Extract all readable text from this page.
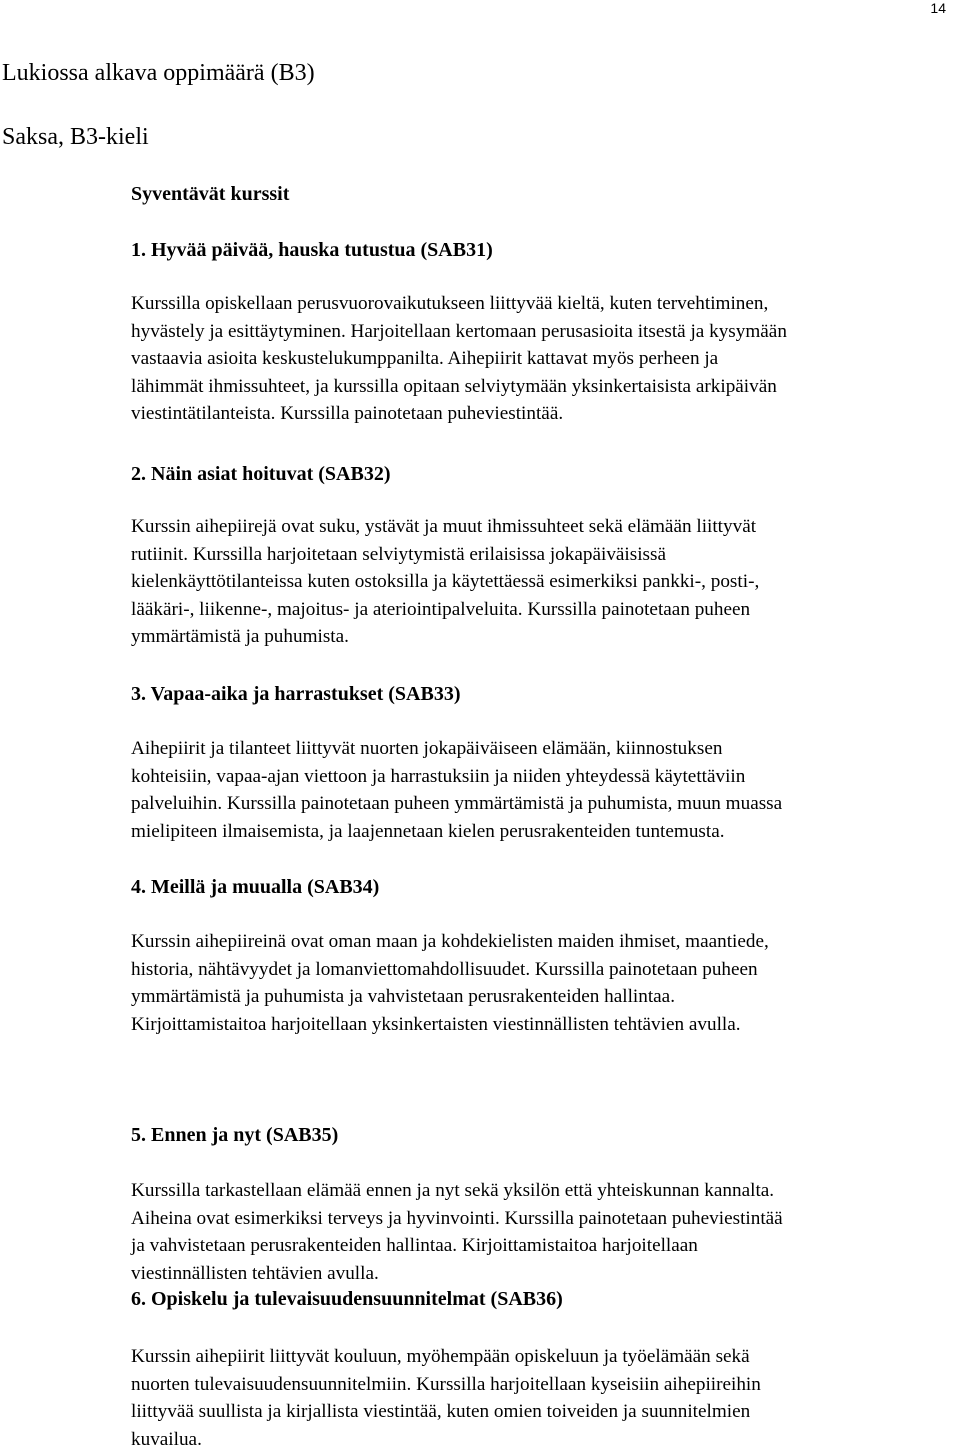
14
Lukiossa alkava oppimäärä (B3)
Saksa, B3-kieli
Syventävät kurssit
1. Hyvää päivää, hauska tutustua (SAB31)
Kurssilla opiskellaan perusvuorovaikutukseen liittyvää kieltä, kuten tervehtiminen,
hyvästely ja esittäytyminen. Harjoitellaan kertomaan perusasioita itsestä ja kysymään
vastaavia asioita keskustelukumppanilta. Aihepiirit kattavat myös perheen ja
lähimmät ihmissuhteet, ja kurssilla opitaan selviytymään yksinkertaisista arkipäivän
viestintätilanteista. Kurssilla painotetaan puheviestintää.
2. Näin asiat hoituvat (SAB32)
Kurssin aihepiirejä ovat suku, ystävät ja muut ihmissuhteet sekä elämään liittyvät
rutiinit. Kurssilla harjoitetaan selviytymistä erilaisissa jokapäiväisissä
kielenkäyttötilanteissa kuten ostoksilla ja käytettäessä esimerkiksi pankki-, posti-,
lääkäri-, liikenne-, majoitus- ja ateriointipalveluita. Kurssilla painotetaan puheen
ymmärtämistä ja puhumista.
3. Vapaa-aika ja harrastukset (SAB33)
Aihepiirit ja tilanteet liittyvät nuorten jokapäiväiseen elämään, kiinnostuksen
kohteisiin, vapaa-ajan viettoon ja harrastuksiin ja niiden yhteydessä käytettäviin
palveluihin. Kurssilla painotetaan puheen ymmärtämistä ja puhumista, muun muassa
mielipiteen ilmaisemista, ja laajennetaan kielen perusrakenteiden tuntemusta.
4. Meillä ja muualla (SAB34)
Kurssin aihepiireinä ovat oman maan ja kohdekielisten maiden ihmiset, maantiede,
historia, nähtävyydet ja lomanviettomahdollisuudet. Kurssilla painotetaan puheen
ymmärtämistä ja puhumista ja vahvistetaan perusrakenteiden hallintaa.
Kirjoittamistaitoa harjoitellaan yksinkertaisten viestinnällisten tehtävien avulla.
5. Ennen ja nyt (SAB35)
Kurssilla tarkastellaan elämää ennen ja nyt sekä yksilön että yhteiskunnan kannalta.
Aiheina ovat esimerkiksi terveys ja hyvinvointi. Kurssilla painotetaan puheviestintää
ja vahvistetaan perusrakenteiden hallintaa. Kirjoittamistaitoa harjoitellaan
viestinnällisten tehtävien avulla.
6. Opiskelu ja tulevaisuudensuunnitelmat (SAB36)
Kurssin aihepiirit liittyvät kouluun, myöhempään opiskeluun ja työelämään sekä
nuorten tulevaisuudensuunnitelmiin. Kurssilla harjoitellaan kyseisiin aihepiireihin
liittyvää suullista ja kirjallista viestintää, kuten omien toiveiden ja suunnitelmien
kuvailua.
